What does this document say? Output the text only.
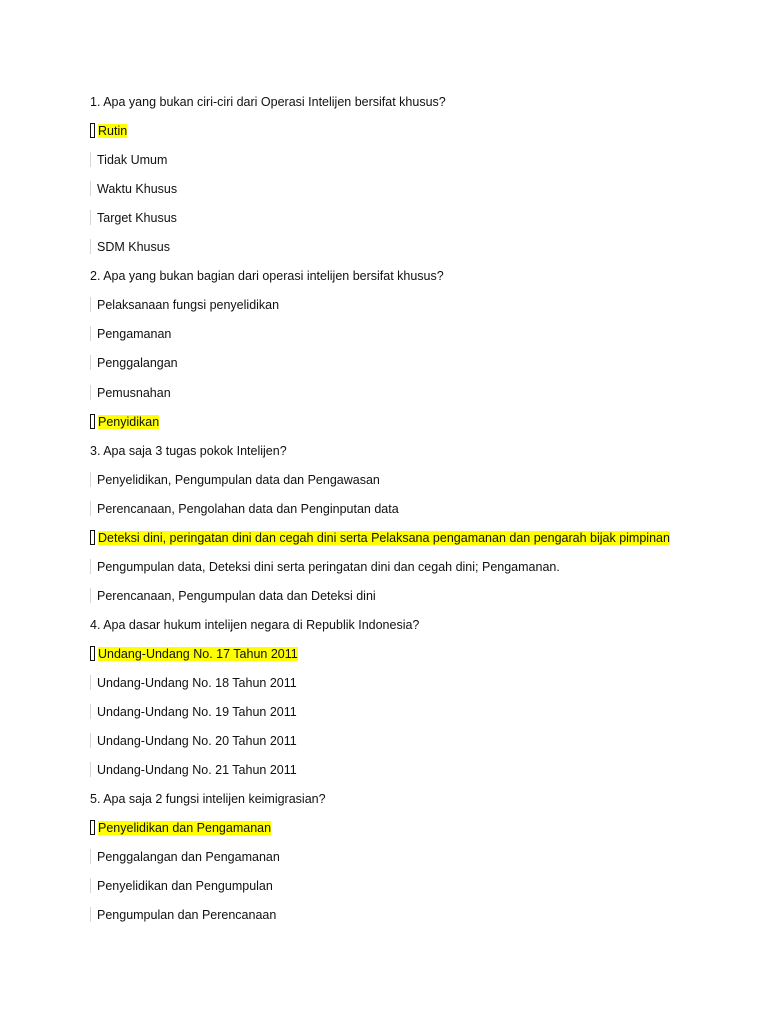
1. Apa yang bukan ciri-ciri dari Operasi Intelijen bersifat khusus?
Rutin
Tidak Umum
Waktu Khusus
Target Khusus
SDM Khusus
2. Apa yang bukan bagian dari operasi intelijen bersifat khusus?
Pelaksanaan fungsi penyelidikan
Pengamanan
Penggalangan
Pemusnahan
Penyidikan
3. Apa saja 3 tugas pokok Intelijen?
Penyelidikan, Pengumpulan data dan Pengawasan
Perencanaan, Pengolahan data dan Penginputan data
Deteksi dini, peringatan dini dan cegah dini serta Pelaksana pengamanan dan pengarah bijak pimpinan
Pengumpulan data, Deteksi dini serta peringatan dini dan cegah dini; Pengamanan.
Perencanaan, Pengumpulan data dan Deteksi dini
4. Apa dasar hukum intelijen negara di Republik Indonesia?
Undang-Undang No. 17 Tahun 2011
Undang-Undang No. 18 Tahun 2011
Undang-Undang No. 19 Tahun 2011
Undang-Undang No. 20 Tahun 2011
Undang-Undang No. 21 Tahun 2011
5. Apa saja 2 fungsi intelijen keimigrasian?
Penyelidikan dan Pengamanan
Penggalangan dan Pengamanan
Penyelidikan dan Pengumpulan
Pengumpulan dan Perencanaan
